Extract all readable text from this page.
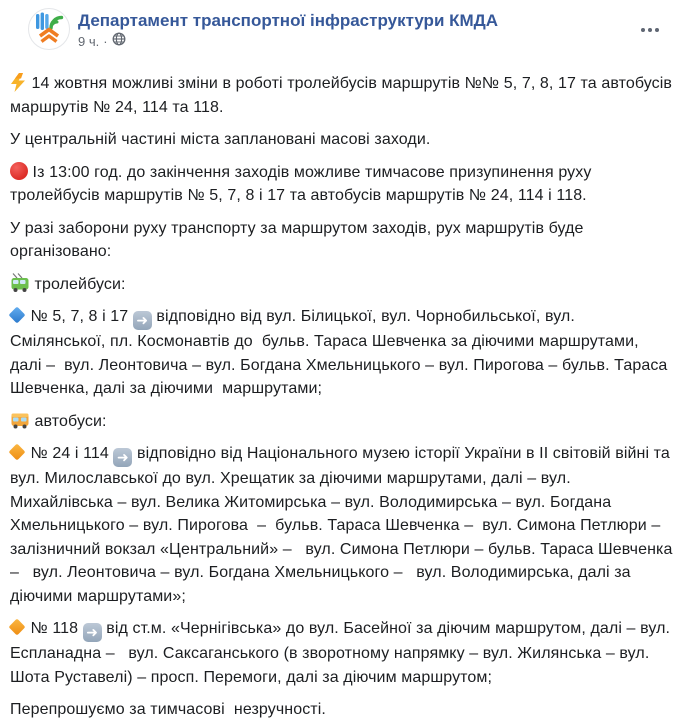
Департамент транспортної інфраструктури КМДА
9 ч. ·

14 жовтня можливі зміни в роботі тролейбусів маршрутів №№ 5, 7, 8, 17 та автобусів маршрутів № 24, 114 та 118.

У центральній частині міста заплановані масові заходи.

Із 13:00 год. до закінчення заходів можливе тимчасове призупинення руху тролейбусів маршрутів № 5, 7, 8 і 17 та автобусів маршрутів № 24, 114 і 118.

У разі заборони руху транспорту за маршрутом заходів, рух маршрутів буде організовано:

тролейбуси:

№ 5, 7, 8 і 17 ➜ відповідно від вул. Білицької, вул. Чорнобильської, вул. Смілянської, пл. Космонавтів до  бульв. Тараса Шевченка за діючими маршрутами, далі –  вул. Леонтовича – вул. Богдана Хмельницького – вул. Пирогова – бульв. Тараса Шевченка, далі за діючими  маршрутами;

автобуси:

№ 24 і 114 ➜ відповідно від Національного музею історії України в ІІ світовій війні та вул. Милославської до вул. Хрещатик за діючими маршрутами, далі – вул. Михайлівська – вул. Велика Житомирська – вул. Володимирська – вул. Богдана Хмельницького – вул. Пирогова  –  бульв. Тараса Шевченка –  вул. Симона Петлюри – залізничний вокзал «Центральний» –   вул. Симона Петлюри – бульв. Тараса Шевченка –   вул. Леонтовича – вул. Богдана Хмельницького –   вул. Володимирська, далі за діючими маршрутами»;

№ 118 ➜ від ст.м. «Чернігівська» до вул. Басейної за діючим маршрутом, далі – вул. Еспланадна –   вул. Саксаганського (в зворотному напрямку – вул. Жилянська – вул. Шота Руставелі) – просп. Перемоги, далі за діючим маршрутом;

Перепрошуємо за тимчасові  незручності.
